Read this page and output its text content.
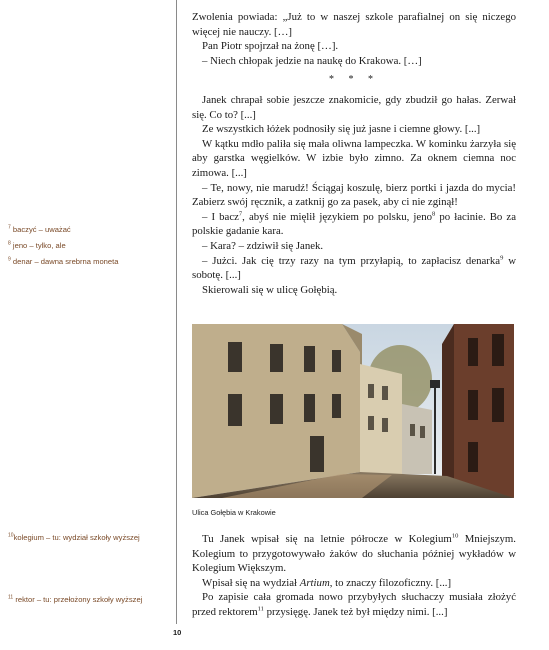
Zwolenia powiada: „Już to w naszej szkole parafialnej on się niczego więcej nie nauczy. […]

Pan Piotr spojrzał na żonę […].

– Niech chłopak jedzie na naukę do Krakowa. […]

* * *

Janek chrapał sobie jeszcze znakomicie, gdy zbudził go hałas. Zerwał się. Co to? [...]

Ze wszystkich łóżek podnosiły się już jasne i ciemne głowy. [...]

W kątku mdło paliła się mała oliwna lampeczka. W kominku żarzyła się aby garstka węgielków. W izbie było zimno. Za oknem ciemna noc zimowa. [...]

– Te, nowy, nie marudź! Ściągaj koszulę, bierz portki i jazda do mycia! Zabierz swój ręcznik, a zatknij go za pasek, aby ci nie zginął!

– I bacz$^7$, abyś nie mięlił językiem po polsku, jeno$^8$ po łacinie. Bo za polskie gadanie kara.

– Kara? – zdziwił się Janek.

– Jużci. Jak cię trzy razy na tym przyłapią, to zapłacisz denarka$^9$ w sobotę. [...]

Skierowali się w ulicę Gołębią.

Ulica Gołębia w Krakowie

Tu Janek wpisał się na letnie półrocze w Kolegium$^{10}$ Mniejszym. Kolegium to przygotowywało żaków do słuchania później wykładów w Kolegium Większym.

Wpisał się na wydział Artium, to znaczy filozoficzny. [...]

Po zapisie cała gromada nowo przybyłych słuchaczy musiała złożyć przed rektorem$^{11}$ przysięgę. Janek też był między nimi. [...]

$^7$ baczyć – uważać
$^8$ jeno – tylko, ale
$^9$ denar – dawna srebrna moneta
$^{10}$kolegium – tu: wydział szkoły wyższej
$^{11}$ rektor – tu: przełożony szkoły wyższej
10
